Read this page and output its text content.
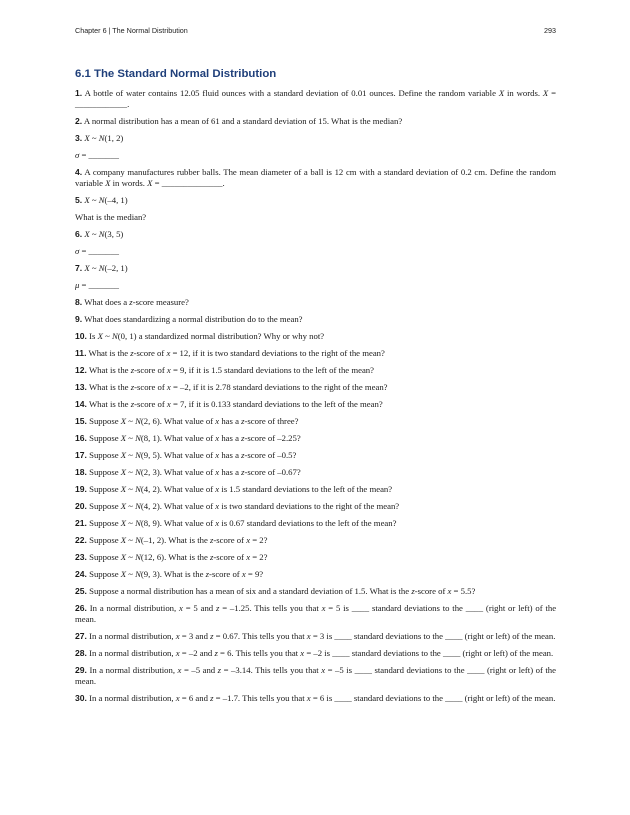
Chapter 6 | The Normal Distribution	293
6.1 The Standard Normal Distribution

1. A bottle of water contains 12.05 fluid ounces with a standard deviation of 0.01 ounces. Define the random variable X in words. X = ____________.

2. A normal distribution has a mean of 61 and a standard deviation of 15. What is the median?

3. X ~ N(1, 2)

σ = _______

4. A company manufactures rubber balls. The mean diameter of a ball is 12 cm with a standard deviation of 0.2 cm. Define the random variable X in words. X = ______________.

5. X ~ N(–4, 1)

What is the median?

6. X ~ N(3, 5)

σ = _______

7. X ~ N(–2, 1)

μ = _______

8. What does a z-score measure?

9. What does standardizing a normal distribution do to the mean?

10. Is X ~ N(0, 1) a standardized normal distribution? Why or why not?

11. What is the z-score of x = 12, if it is two standard deviations to the right of the mean?

12. What is the z-score of x = 9, if it is 1.5 standard deviations to the left of the mean?

13. What is the z-score of x = –2, if it is 2.78 standard deviations to the right of the mean?

14. What is the z-score of x = 7, if it is 0.133 standard deviations to the left of the mean?

15. Suppose X ~ N(2, 6). What value of x has a z-score of three?

16. Suppose X ~ N(8, 1). What value of x has a z-score of –2.25?

17. Suppose X ~ N(9, 5). What value of x has a z-score of –0.5?

18. Suppose X ~ N(2, 3). What value of x has a z-score of –0.67?

19. Suppose X ~ N(4, 2). What value of x is 1.5 standard deviations to the left of the mean?

20. Suppose X ~ N(4, 2). What value of x is two standard deviations to the right of the mean?

21. Suppose X ~ N(8, 9). What value of x is 0.67 standard deviations to the left of the mean?

22. Suppose X ~ N(–1, 2). What is the z-score of x = 2?

23. Suppose X ~ N(12, 6). What is the z-score of x = 2?

24. Suppose X ~ N(9, 3). What is the z-score of x = 9?

25. Suppose a normal distribution has a mean of six and a standard deviation of 1.5. What is the z-score of x = 5.5?

26. In a normal distribution, x = 5 and z = –1.25. This tells you that x = 5 is ____ standard deviations to the ____ (right or left) of the mean.

27. In a normal distribution, x = 3 and z = 0.67. This tells you that x = 3 is ____ standard deviations to the ____ (right or left) of the mean.

28. In a normal distribution, x = –2 and z = 6. This tells you that x = –2 is ____ standard deviations to the ____ (right or left) of the mean.

29. In a normal distribution, x = –5 and z = –3.14. This tells you that x = –5 is ____ standard deviations to the ____ (right or left) of the mean.

30. In a normal distribution, x = 6 and z = –1.7. This tells you that x = 6 is ____ standard deviations to the ____ (right or left) of the mean.
